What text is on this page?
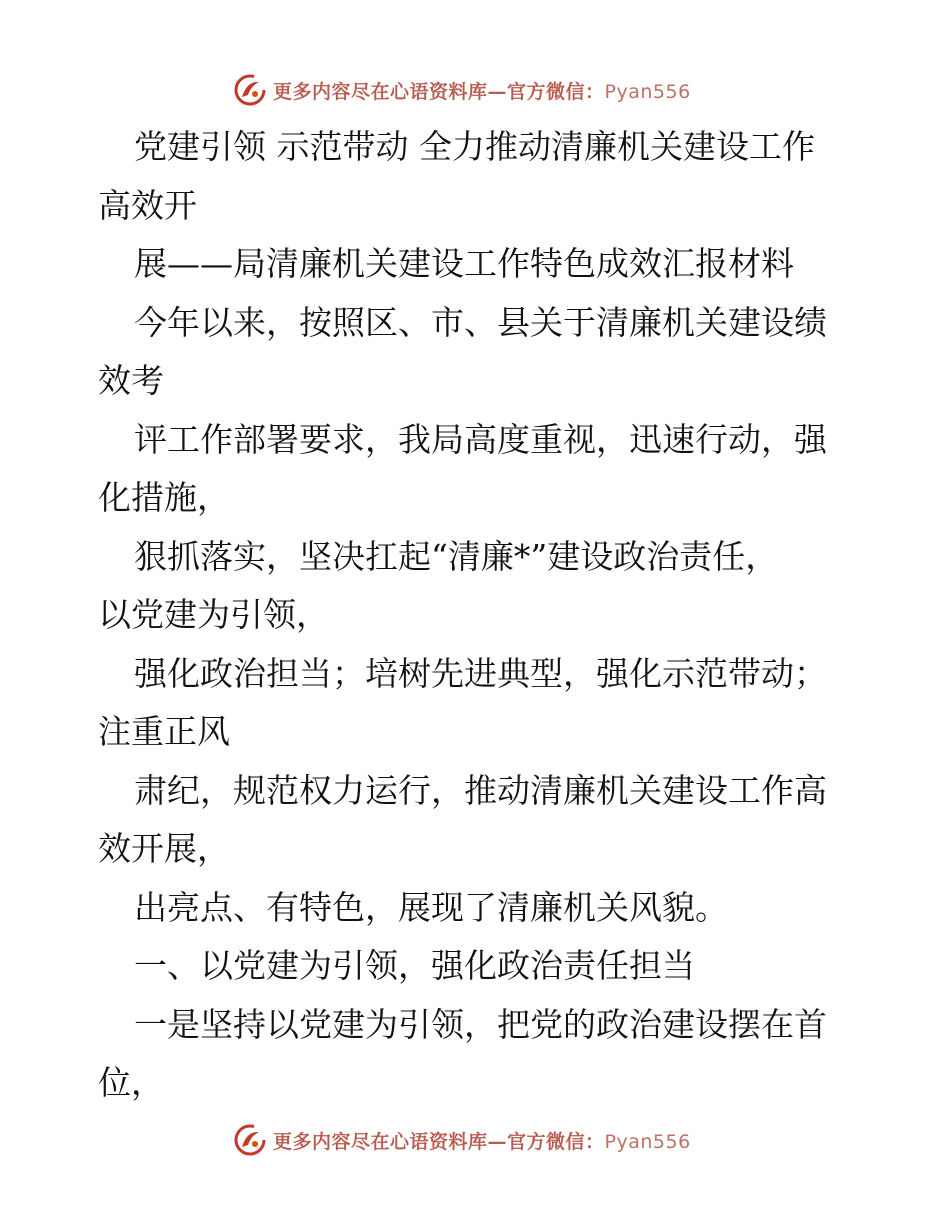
更多内容尽在心语资料库—官方微信：Pyan556
党建引领 示范带动 全力推动清廉机关建设工作
高效开
展——局清廉机关建设工作特色成效汇报材料
今年以来，按照区、市、县关于清廉机关建设绩
效考
评工作部署要求，我局高度重视，迅速行动，强
化措施，
狠抓落实，坚决扛起“清廉*”建设政治责任，
以党建为引领，
强化政治担当；培树先进典型，强化示范带动；
注重正风
肃纪，规范权力运行，推动清廉机关建设工作高
效开展，
出亮点、有特色，展现了清廉机关风貌。
一、以党建为引领，强化政治责任担当
一是坚持以党建为引领，把党的政治建设摆在首
位，
更多内容尽在心语资料库—官方微信：Pyan556
